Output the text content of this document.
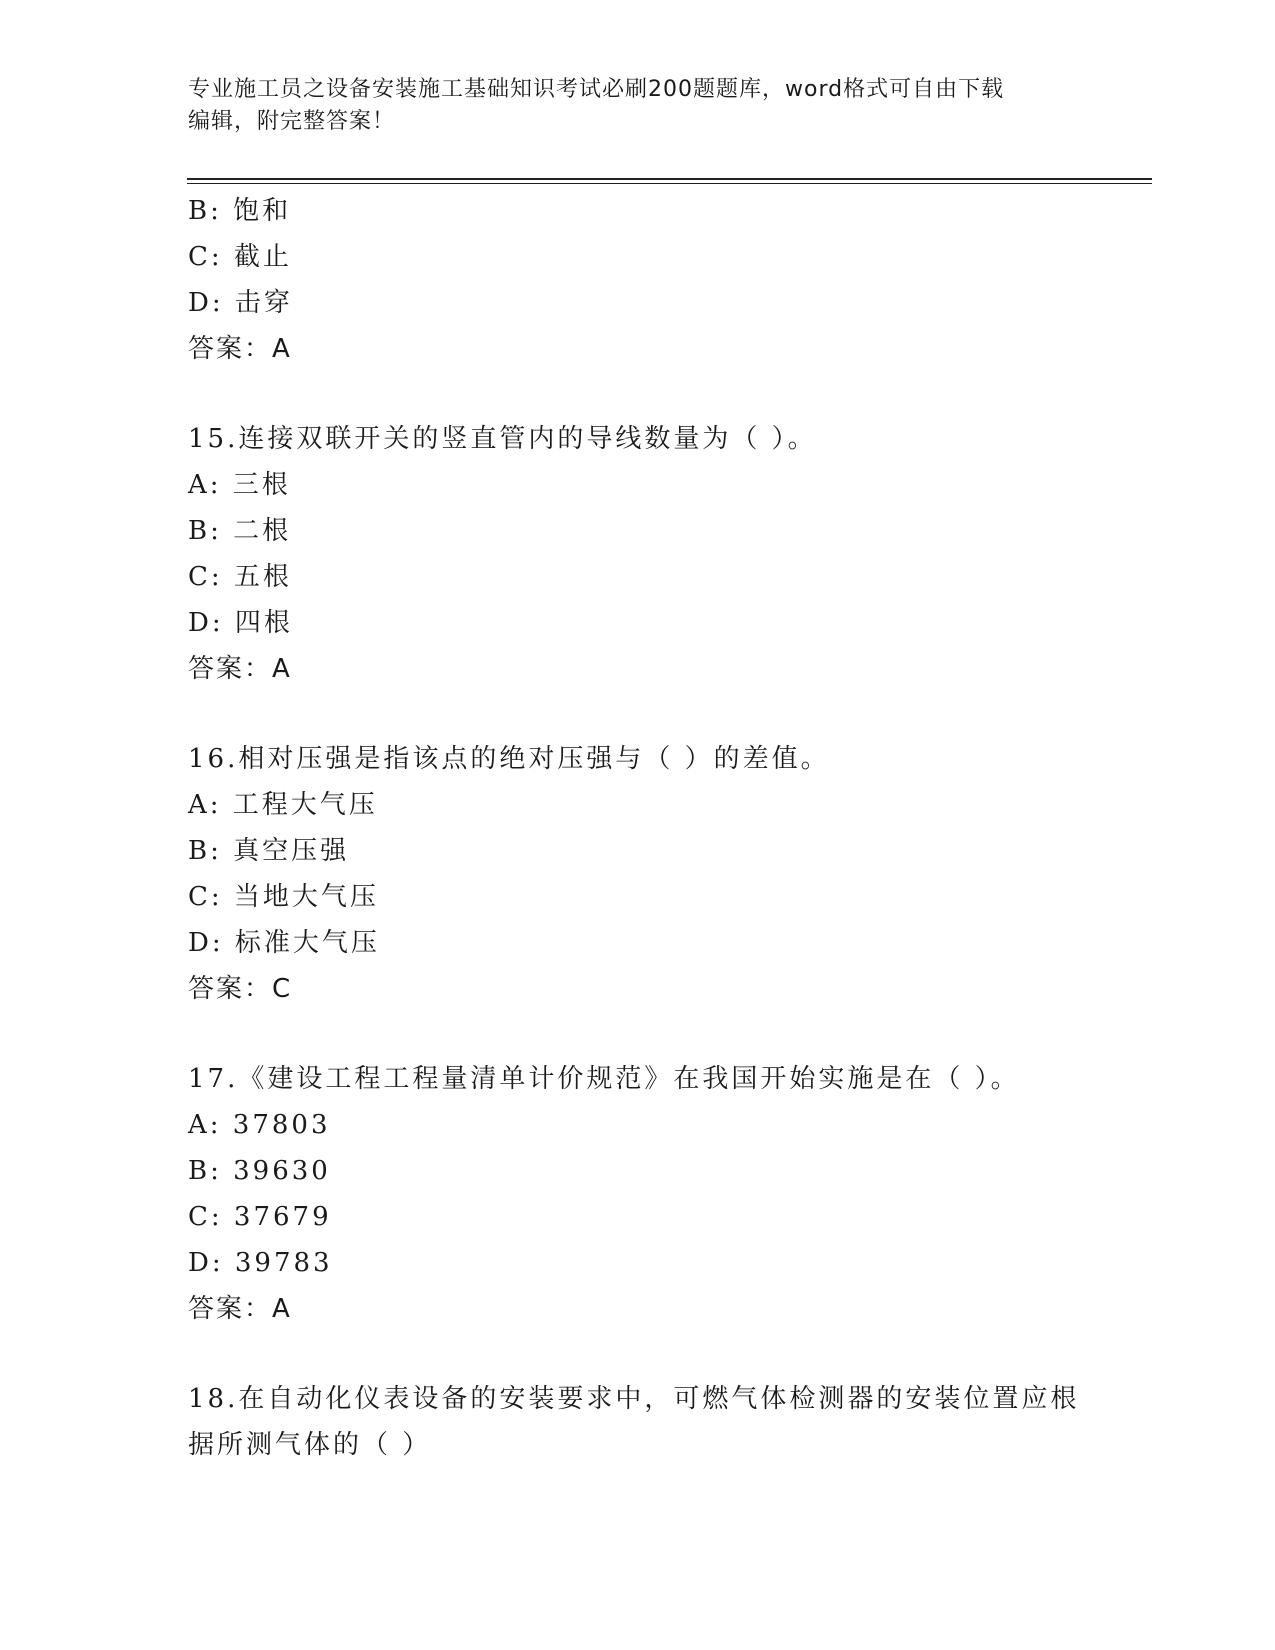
专业施工员之设备安装施工基础知识考试必刷200题题库，word格式可自由下载
编辑，附完整答案！
B: 饱和
C: 截止
D: 击穿
答案：A
15.连接双联开关的竖直管内的导线数量为（ ）。
A: 三根
B: 二根
C: 五根
D: 四根
答案：A
16.相对压强是指该点的绝对压强与（ ）的差值。
A: 工程大气压
B: 真空压强
C: 当地大气压
D: 标准大气压
答案：C
17.《建设工程工程量清单计价规范》在我国开始实施是在（ ）。
A: 37803
B: 39630
C: 37679
D: 39783
答案：A
18.在自动化仪表设备的安装要求中，可燃气体检测器的安装位置应根
据所测气体的（ ）
